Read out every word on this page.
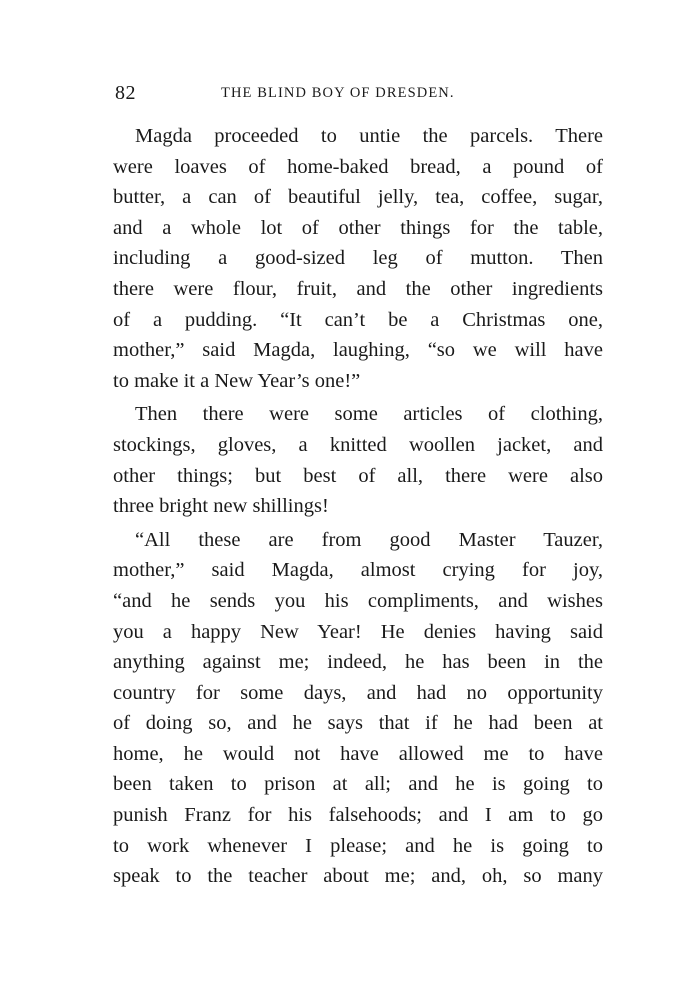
82	THE BLIND BOY OF DRESDEN.
Magda proceeded to untie the parcels. There
were loaves of home-baked bread, a pound of
butter, a can of beautiful jelly, tea, coffee, sugar,
and a whole lot of other things for the table,
including a good-sized leg of mutton. Then
there were flour, fruit, and the other ingredients
of a pudding. “It can’t be a Christmas one,
mother,” said Magda, laughing, “so we will have
to make it a New Year’s one!”
Then there were some articles of clothing,
stockings, gloves, a knitted woollen jacket, and
other things; but best of all, there were also
three bright new shillings!
“All these are from good Master Tauzer,
mother,” said Magda, almost crying for joy,
“and he sends you his compliments, and wishes
you a happy New Year! He denies having said
anything against me; indeed, he has been in the
country for some days, and had no opportunity
of doing so, and he says that if he had been at
home, he would not have allowed me to have
been taken to prison at all; and he is going to
punish Franz for his falsehoods; and I am to go
to work whenever I please; and he is going to
speak to the teacher about me; and, oh, so many
